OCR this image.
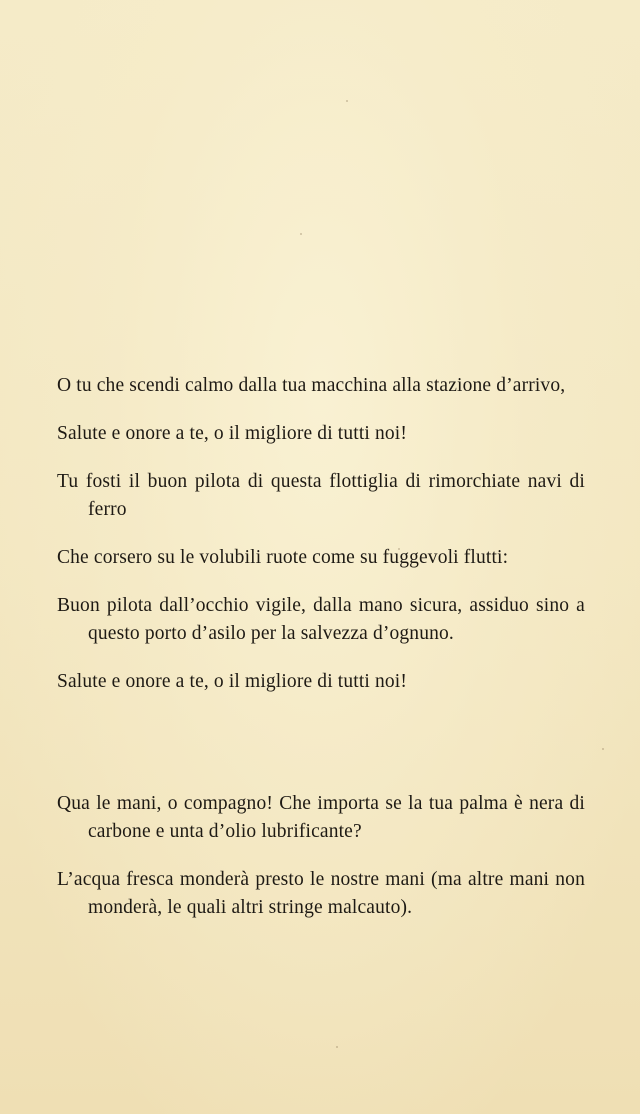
O tu che scendi calmo dalla tua macchina alla stazione d’arrivo,

Salute e onore a te, o il migliore di tutti noi!

Tu fosti il buon pilota di questa flottiglia di rimorchiate navi di ferro

Che corsero su le volubili ruote come su fuggevoli flutti:

Buon pilota dall’occhio vigile, dalla mano sicura, assiduo sino a questo porto d’asilo per la salvezza d’ognuno.

Salute e onore a te, o il migliore di tutti noi!

Qua le mani, o compagno! Che importa se la tua palma è nera di carbone e unta d’olio lubrificante?

L’acqua fresca monderà presto le nostre mani (ma altre mani non monderà, le quali altri stringe malcauto).
